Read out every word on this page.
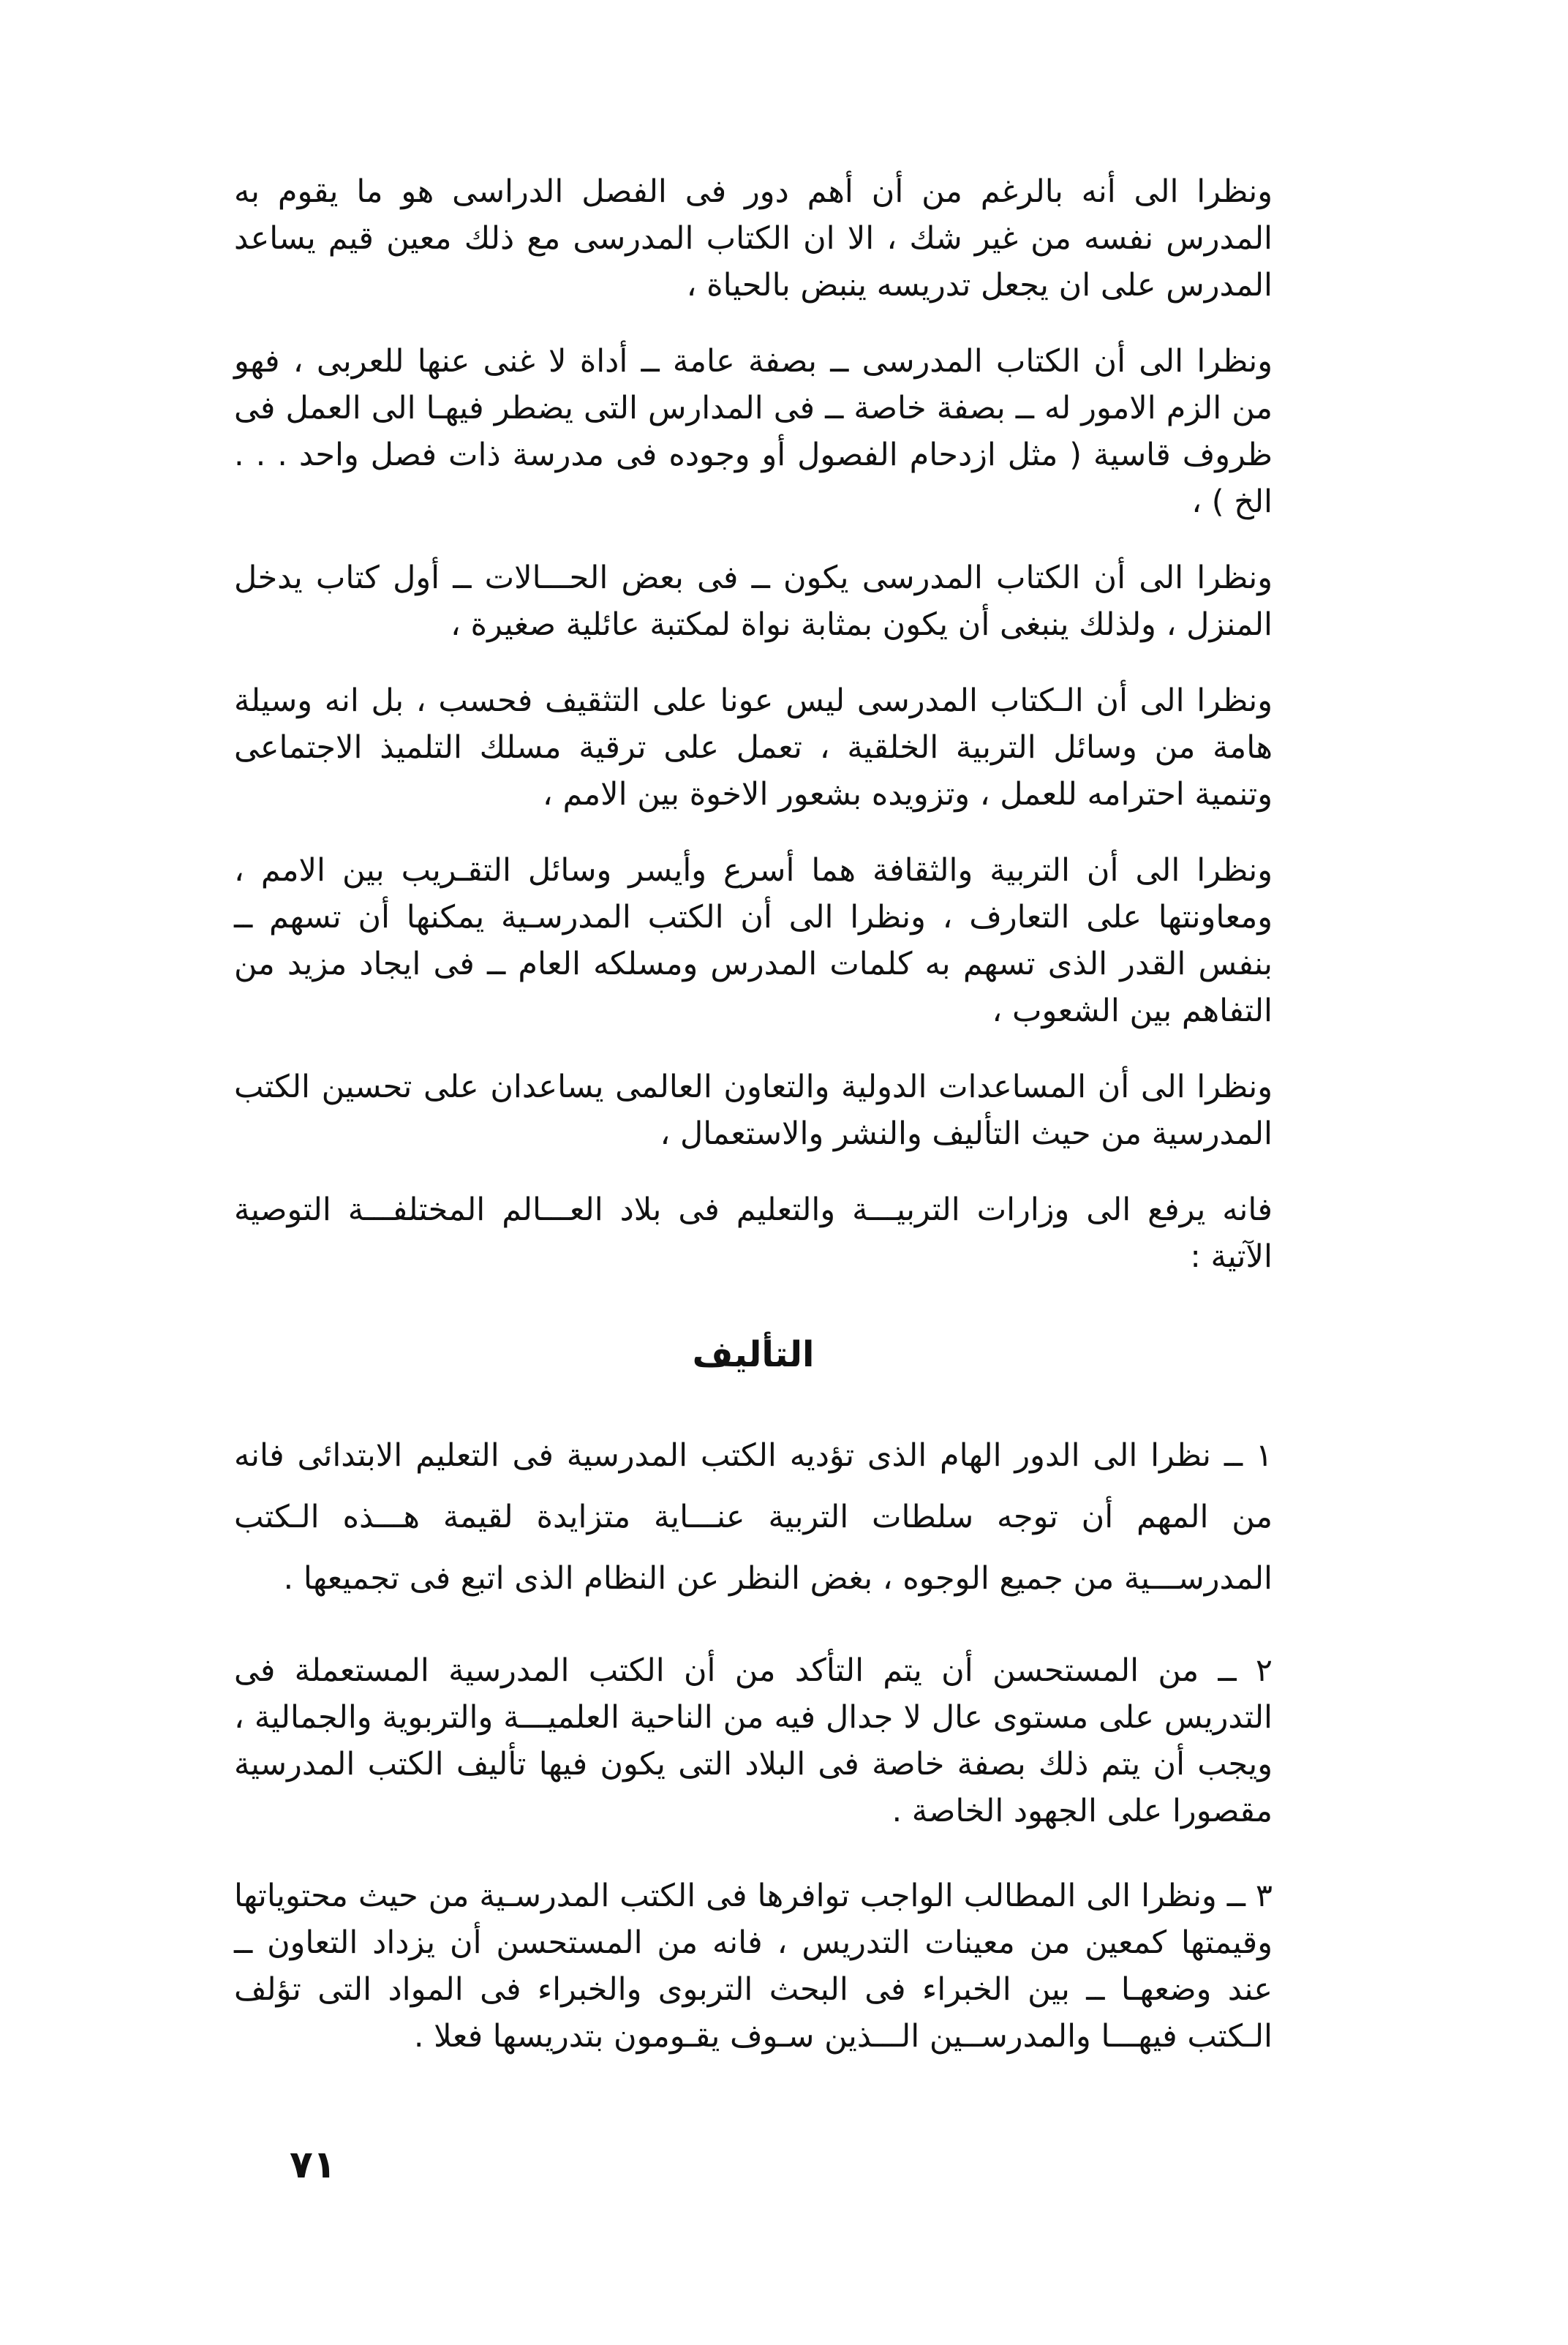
ونظرا الى أنه بالرغم من أن أهم دور فى الفصل الدراسى هو ما يقوم به المدرس نفسه من غير شك ، الا ان الكتاب المدرسى مع ذلك معين قيم يساعد المدرس على ان يجعل تدريسه ينبض بالحياة ،

ونظرا الى أن الكتاب المدرسى ــ بصفة عامة ــ أداة لا غنى عنها للعربى ، فهو من الزم الامور له ــ بصفة خاصة ــ فى المدارس التى يضطر فيهـا الى العمل فى ظروف قاسية ( مثل ازدحام الفصول أو وجوده فى مدرسة ذات فصل واحد . . . الخ ) ،

ونظرا الى أن الكتاب المدرسى يكون ــ فى بعض الحـــالات ــ أول كتاب يدخل المنزل ، ولذلك ينبغى أن يكون بمثابة نواة لمكتبة عائلية صغيرة ،

ونظرا الى أن الـكتاب المدرسى ليس عونا على التثقيف فحسب ، بل انه وسيلة هامة من وسائل التربية الخلقية ، تعمل على ترقية مسلك التلميذ الاجتماعى وتنمية احترامه للعمل ، وتزويده بشعور الاخوة بين الامم ،

ونظرا الى أن التربية والثقافة هما أسرع وأيسر وسائل التقـريب بين الامم ، ومعاونتها على التعارف ، ونظرا الى أن الكتب المدرسـية يمكنها أن تسهم ــ بنفس القدر الذى تسهم به كلمات المدرس ومسلكه العام ــ فى ايجاد مزيد من التفاهم بين الشعوب ،

ونظرا الى أن المساعدات الدولية والتعاون العالمى يساعدان على تحسين الكتب المدرسية من حيث التأليف والنشر والاستعمال ،

فانه يرفع الى وزارات التربيـــة والتعليم فى بلاد العـــالم المختلفـــة التوصية الآتية :

التأليف

١ ــ نظرا الى الدور الهام الذى تؤديه الكتب المدرسية فى التعليم الابتدائى فانه من المهم أن توجه سلطات التربية عنـــاية متزايدة لقيمة هـــذه الـكتب المدرســـية من جميع الوجوه ، بغض النظر عن النظام الذى اتبع فى تجميعها .

٢ ــ من المستحسن أن يتم التأكد من أن الكتب المدرسية المستعملة فى التدريس على مستوى عال لا جدال فيه من الناحية العلميـــة والتربوية والجمالية ، ويجب أن يتم ذلك بصفة خاصة فى البلاد التى يكون فيها تأليف الكتب المدرسية مقصورا على الجهود الخاصة .

٣ ــ ونظرا الى المطالب الواجب توافرها فى الكتب المدرسـية من حيث محتوياتها وقيمتها كمعين من معينات التدريس ، فانه من المستحسن أن يزداد التعاون ــ عند وضعهـا ــ بين الخبراء فى البحث التربوى والخبراء فى المواد التى تؤلف الـكتب فيهـــا والمدرســين الـــذين سـوف يقـومون بتدريسها فعلا .

٧١
